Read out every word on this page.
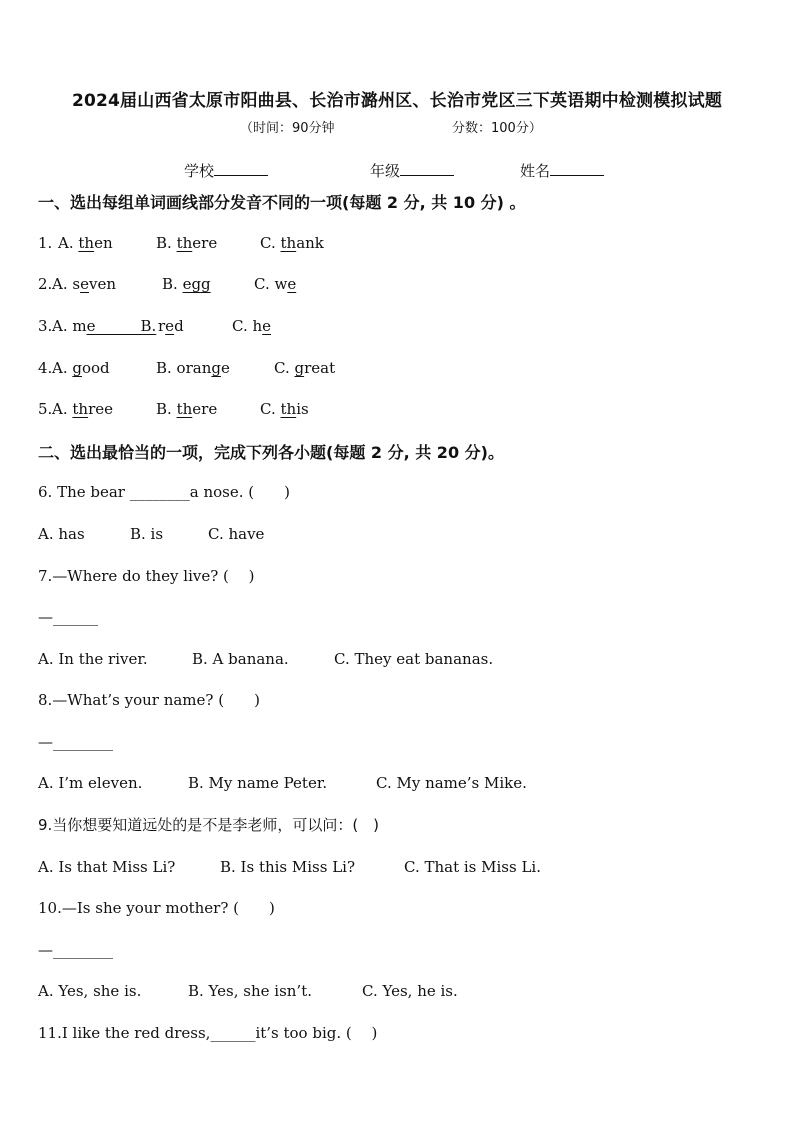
2024届山西省太原市阳曲县、长治市潞州区、长治市党区三下英语期中检测模拟试题
（时间：90分钟	分数：100分）
学校	年级	姓名
一、选出每组单词画线部分发音不同的一项(每题 2 分, 共 10 分) 。
1. A. then	B. there	C. thank
2. A. seven	B. egg	C. we
3. A. me______B. red	C. he
4. A. good	B. orange	C. great
5. A. three	B. there	C. this
二、选出最恰当的一项，完成下列各小题(每题 2 分, 共 20 分)。
6. The bear ________a nose. (　　)
A. has	B. is	C. have
7.—Where do they live? (　 )
—______
A. In the river.	B. A banana.	C. They eat bananas.
8.—What’s your name? (　　)
—________
A. I’m eleven.	B. My name Peter.	C. My name’s Mike.
9.当你想要知道远处的是不是李老师，可以问：(　)
A. Is that Miss Li?	B. Is this Miss Li?	C. That is Miss Li.
10.—Is she your mother? (　　)
—________
A. Yes, she is.	B. Yes, she isn’t.	C. Yes, he is.
11.I like the red dress,______it’s too big. (　 )
